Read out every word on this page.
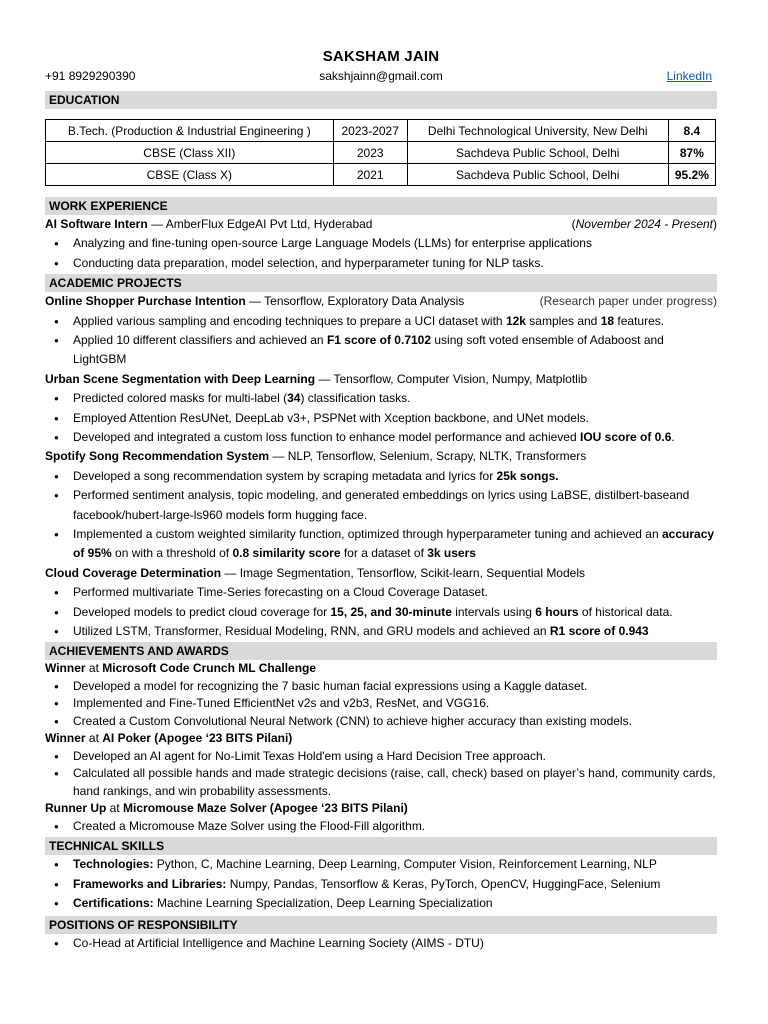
SAKSHAM JAIN
+91 8929290390	sakshjainn@gmail.com	LinkedIn
EDUCATION
B.Tech. (Production & Industrial Engineering )	2023-2027	Delhi Technological University, New Delhi	8.4
CBSE (Class XII)	2023	Sachdeva Public School, Delhi	87%
CBSE (Class X)	2021	Sachdeva Public School, Delhi	95.2%
WORK EXPERIENCE
AI Software Intern — AmberFlux EdgeAI Pvt Ltd, Hyderabad	(November 2024 - Present)
● Analyzing and fine-tuning open-source Large Language Models (LLMs) for enterprise applications
● Conducting data preparation, model selection, and hyperparameter tuning for NLP tasks.
ACADEMIC PROJECTS
Online Shopper Purchase Intention — Tensorflow, Exploratory Data Analysis	(Research paper under progress)
● Applied various sampling and encoding techniques to prepare a UCI dataset with 12k samples and 18 features.
● Applied 10 different classifiers and achieved an F1 score of 0.7102 using soft voted ensemble of Adaboost and LightGBM
Urban Scene Segmentation with Deep Learning — Tensorflow, Computer Vision, Numpy, Matplotlib
● Predicted colored masks for multi-label (34) classification tasks.
● Employed Attention ResUNet, DeepLab v3+, PSPNet with Xception backbone, and UNet models.
● Developed and integrated a custom loss function to enhance model performance and achieved IOU score of 0.6.
Spotify Song Recommendation System — NLP, Tensorflow, Selenium, Scrapy, NLTK, Transformers
● Developed a song recommendation system by scraping metadata and lyrics for 25k songs.
● Performed sentiment analysis, topic modeling, and generated embeddings on lyrics using LaBSE, distilbert-baseand facebook/hubert-large-ls960 models form hugging face.
● Implemented a custom weighted similarity function, optimized through hyperparameter tuning and achieved an accuracy of 95% on with a threshold of 0.8 similarity score for a dataset of 3k users
Cloud Coverage Determination — Image Segmentation, Tensorflow, Scikit-learn, Sequential Models
● Performed multivariate Time-Series forecasting on a Cloud Coverage Dataset.
● Developed models to predict cloud coverage for 15, 25, and 30-minute intervals using 6 hours of historical data.
● Utilized LSTM, Transformer, Residual Modeling, RNN, and GRU models and achieved an R1 score of 0.943
ACHIEVEMENTS AND AWARDS
Winner at Microsoft Code Crunch ML Challenge
● Developed a model for recognizing the 7 basic human facial expressions using a Kaggle dataset.
● Implemented and Fine-Tuned EfficientNet v2s and v2b3, ResNet, and VGG16.
● Created a Custom Convolutional Neural Network (CNN) to achieve higher accuracy than existing models.
Winner at AI Poker (Apogee ‘23 BITS Pilani)
● Developed an AI agent for No-Limit Texas Hold'em using a Hard Decision Tree approach.
● Calculated all possible hands and made strategic decisions (raise, call, check) based on player’s hand, community cards, hand rankings, and win probability assessments.
Runner Up at Micromouse Maze Solver (Apogee ‘23 BITS Pilani)
● Created a Micromouse Maze Solver using the Flood-Fill algorithm.
TECHNICAL SKILLS
● Technologies: Python, C, Machine Learning, Deep Learning, Computer Vision, Reinforcement Learning, NLP
● Frameworks and Libraries: Numpy, Pandas, Tensorflow & Keras, PyTorch, OpenCV, HuggingFace, Selenium
● Certifications: Machine Learning Specialization, Deep Learning Specialization
POSITIONS OF RESPONSIBILITY
● Co-Head at Artificial Intelligence and Machine Learning Society (AIMS - DTU)
